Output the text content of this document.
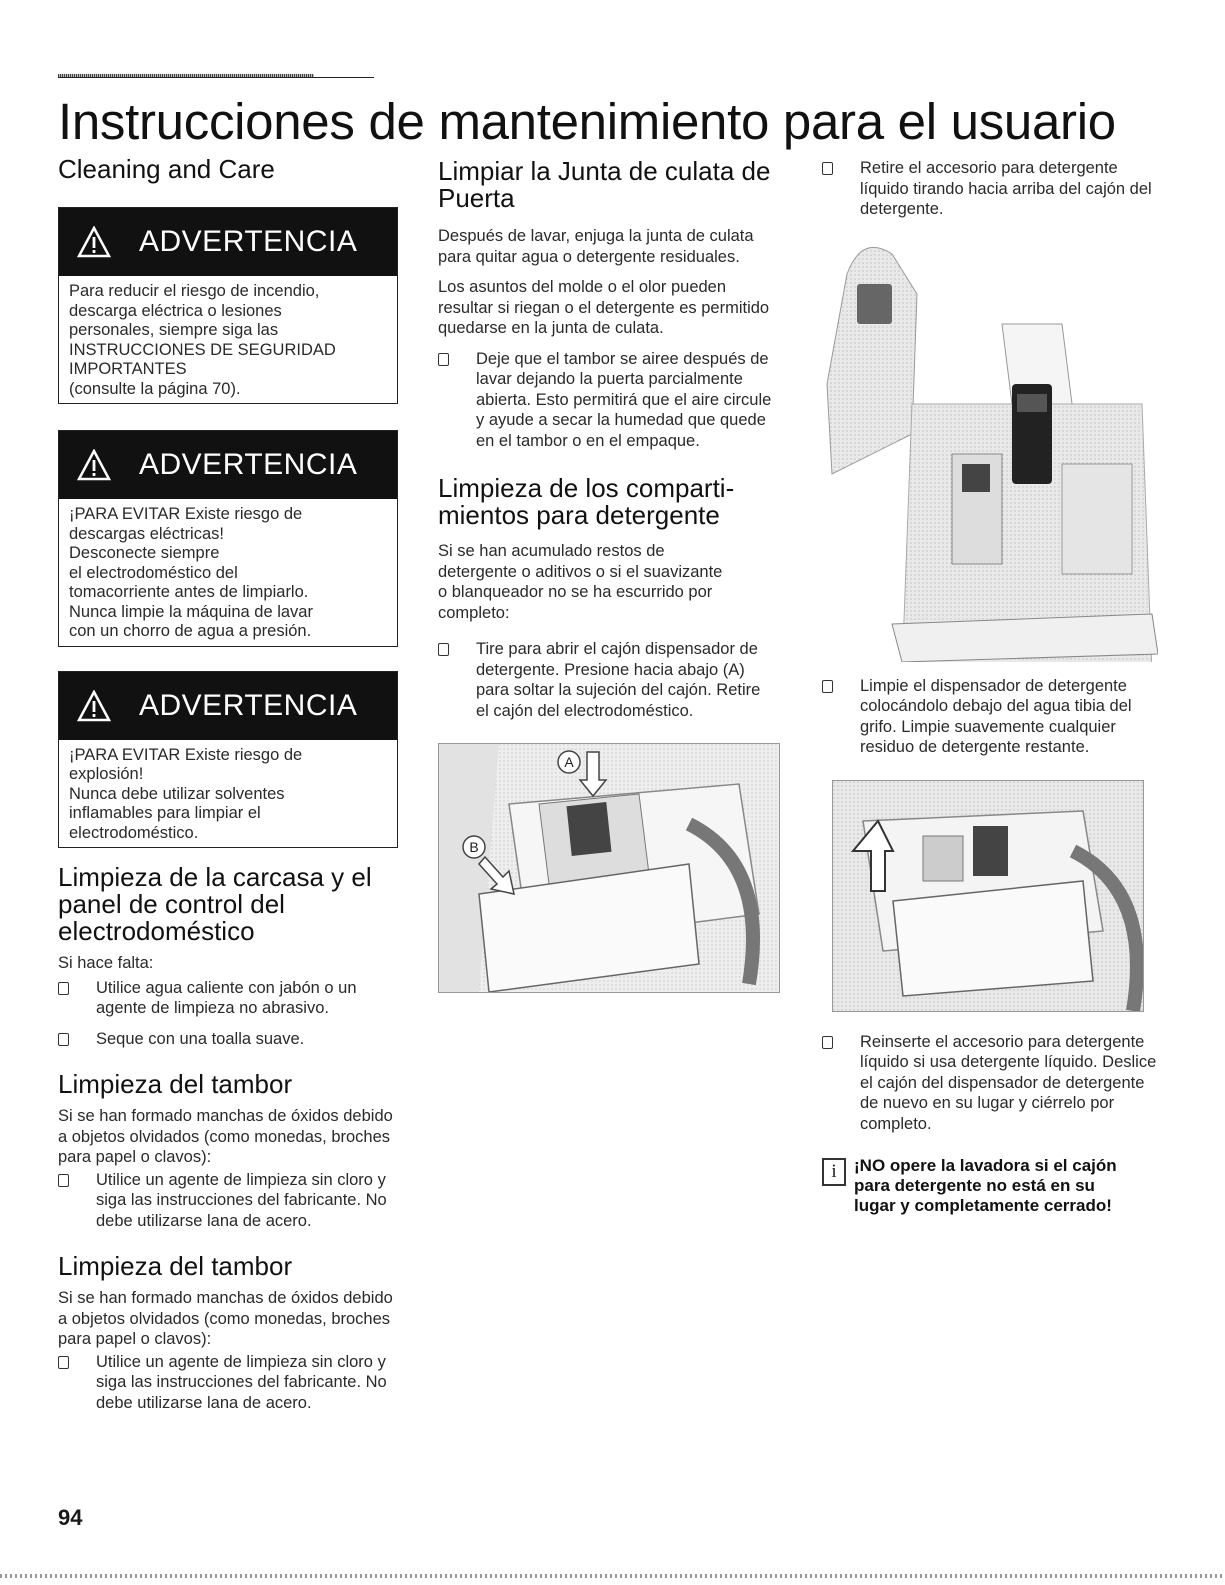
Instrucciones de mantenimiento para el usuario
Cleaning and Care
ADVERTENCIA

Para reducir el riesgo de incendio,

descarga eléctrica o lesiones

personales, siempre siga las

INSTRUCCIONES DE SEGURIDAD

IMPORTANTES

(consulte la página 70).

ADVERTENCIA

¡PARA EVITAR Existe riesgo de

descargas eléctricas!

Desconecte siempre

el electrodoméstico del

tomacorriente antes de limpiarlo.

Nunca limpie la máquina de lavar

con un chorro de agua a presión.

ADVERTENCIA

¡PARA EVITAR Existe riesgo de

explosión!

Nunca debe utilizar solventes

inflamables para limpiar el

electrodoméstico.

Limpieza de la carcasa y el panel de control del electrodoméstico

Si hace falta:

Utilice agua caliente con jabón o un agente de limpieza no abrasivo.

Seque con una toalla suave.

Limpieza del tambor

Si se han formado manchas de óxidos debido a objetos olvidados (como monedas, broches para papel o clavos):

Utilice un agente de limpieza sin cloro y siga las instrucciones del fabricante. No debe utilizarse lana de acero.

Limpieza del tambor

Si se han formado manchas de óxidos debido a objetos olvidados (como monedas, broches para papel o clavos):

Utilice un agente de limpieza sin cloro y siga las instrucciones del fabricante. No debe utilizarse lana de acero.

Limpiar la Junta de culata de Puerta

Después de lavar, enjuga la junta de culata para quitar agua o detergente residuales.

Los asuntos del molde o el olor pueden resultar si riegan o el detergente es permitido quedarse en la junta de culata.

Deje que el tambor se airee después de lavar dejando la puerta parcialmente abierta. Esto permitirá que el aire circule y ayude a secar la humedad que quede en el tambor o en el empaque.

Limpieza de los comparti-mientos para detergente

Si se han acumulado restos de detergente o aditivos o si el suavizante o blanqueador no se ha escurrido por completo:

Tire para abrir el cajón dispensador de detergente. Presione hacia abajo (A) para soltar la sujeción del cajón. Retire el cajón del electrodoméstico.

A
B

Retire el accesorio para detergente líquido tirando hacia arriba del cajón del detergente.

Limpie el dispensador de detergente colocándolo debajo del agua tibia del grifo. Limpie suavemente cualquier residuo de detergente restante.

Reinserte el accesorio para detergente líquido si usa detergente líquido. Deslice el cajón del dispensador de detergente de nuevo en su lugar y ciérrelo por completo.

i	¡NO opere la lavadora si el cajón para detergente no está en su lugar y completamente cerrado!

94
